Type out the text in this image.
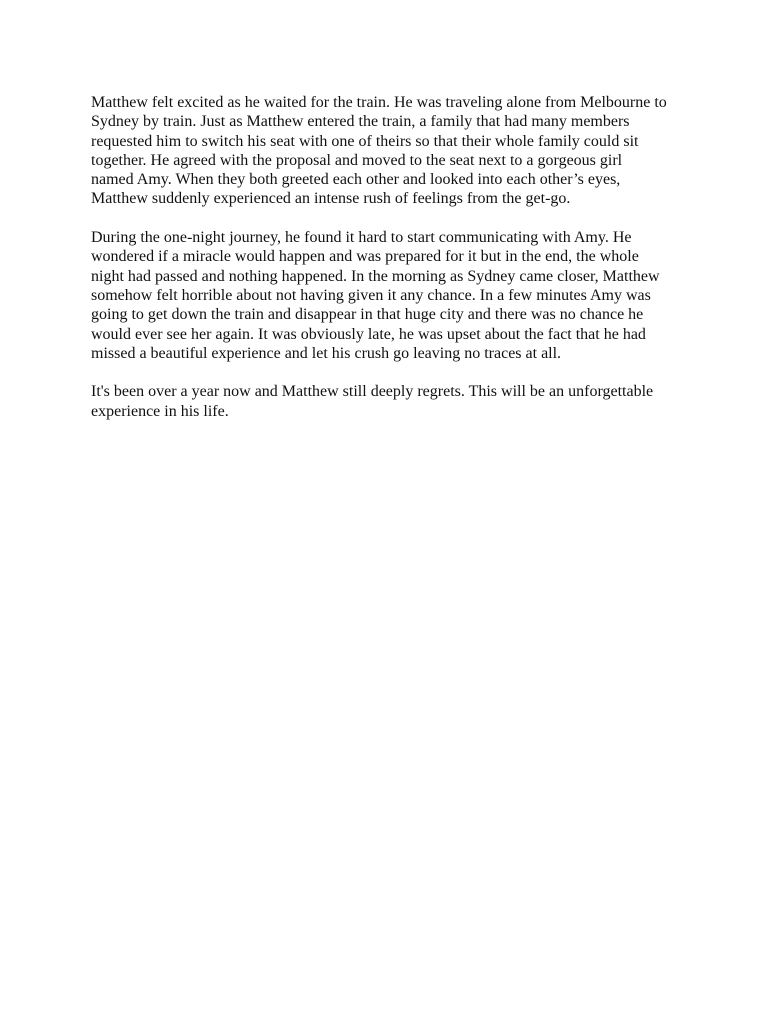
Matthew felt excited as he waited for the train. He was traveling alone from Melbourne to
Sydney by train. Just as Matthew entered the train, a family that had many members
requested him to switch his seat with one of theirs so that their whole family could sit
together. He agreed with the proposal and moved to the seat next to a gorgeous girl
named Amy. When they both greeted each other and looked into each other’s eyes,
Matthew suddenly experienced an intense rush of feelings from the get-go.

During the one-night journey, he found it hard to start communicating with Amy. He
wondered if a miracle would happen and was prepared for it but in the end, the whole
night had passed and nothing happened. In the morning as Sydney came closer, Matthew
somehow felt horrible about not having given it any chance. In a few minutes Amy was
going to get down the train and disappear in that huge city and there was no chance he
would ever see her again. It was obviously late, he was upset about the fact that he had
missed a beautiful experience and let his crush go leaving no traces at all.

It's been over a year now and Matthew still deeply regrets. This will be an unforgettable
experience in his life.
